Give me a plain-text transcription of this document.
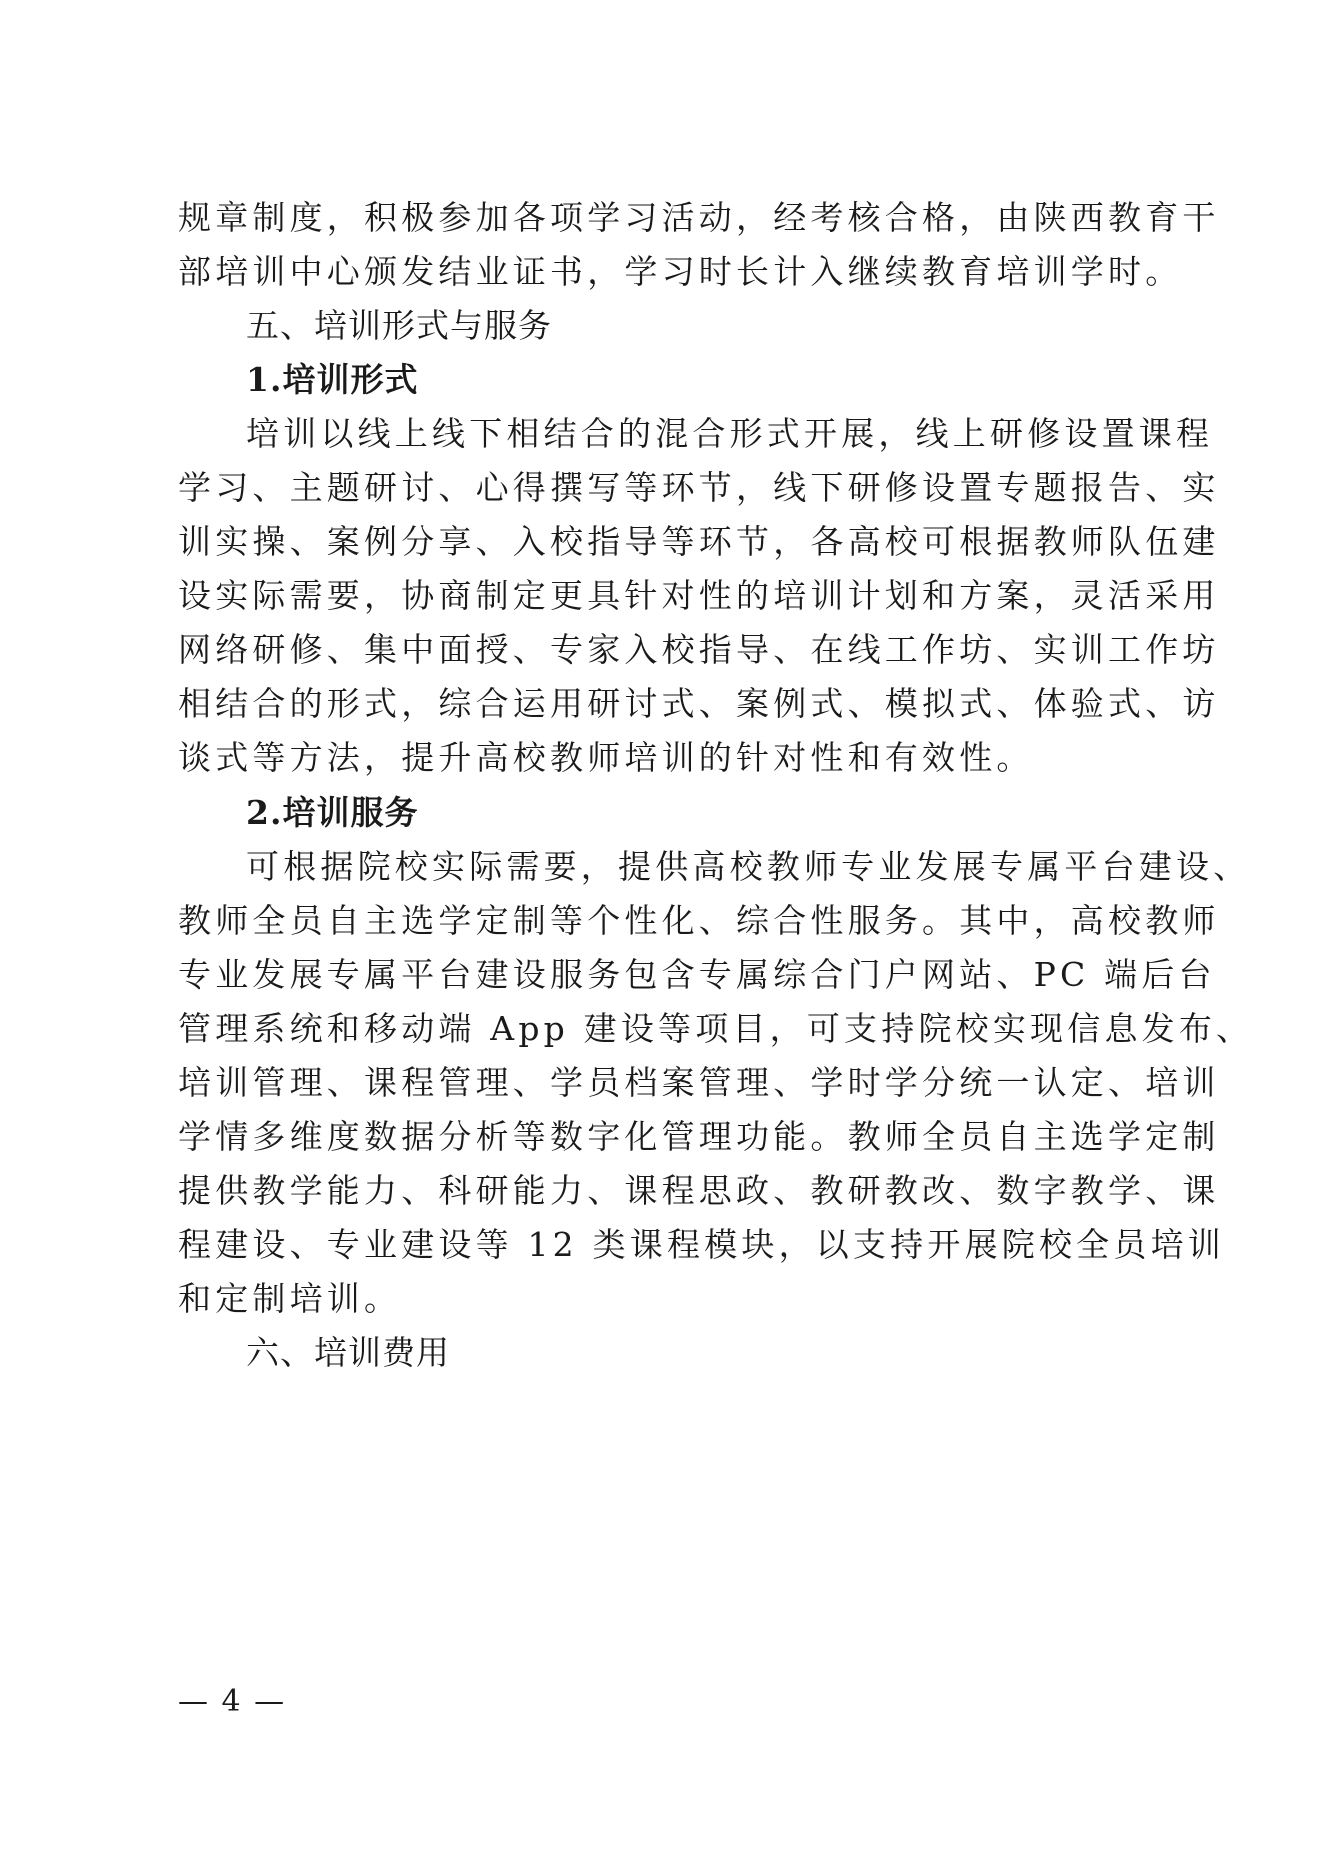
规章制度，积极参加各项学习活动，经考核合格，由陕西教育干
部培训中心颁发结业证书，学习时长计入继续教育培训学时。
五、培训形式与服务
1.培训形式
培训以线上线下相结合的混合形式开展，线上研修设置课程
学习、主题研讨、心得撰写等环节，线下研修设置专题报告、实
训实操、案例分享、入校指导等环节，各高校可根据教师队伍建
设实际需要，协商制定更具针对性的培训计划和方案，灵活采用
网络研修、集中面授、专家入校指导、在线工作坊、实训工作坊
相结合的形式，综合运用研讨式、案例式、模拟式、体验式、访
谈式等方法，提升高校教师培训的针对性和有效性。
2.培训服务
可根据院校实际需要，提供高校教师专业发展专属平台建设、
教师全员自主选学定制等个性化、综合性服务。其中，高校教师
专业发展专属平台建设服务包含专属综合门户网站、PC 端后台
管理系统和移动端 App 建设等项目，可支持院校实现信息发布、
培训管理、课程管理、学员档案管理、学时学分统一认定、培训
学情多维度数据分析等数字化管理功能。教师全员自主选学定制
提供教学能力、科研能力、课程思政、教研教改、数字教学、课
程建设、专业建设等 12 类课程模块，以支持开展院校全员培训
和定制培训。
六、培训费用
— 4 —
